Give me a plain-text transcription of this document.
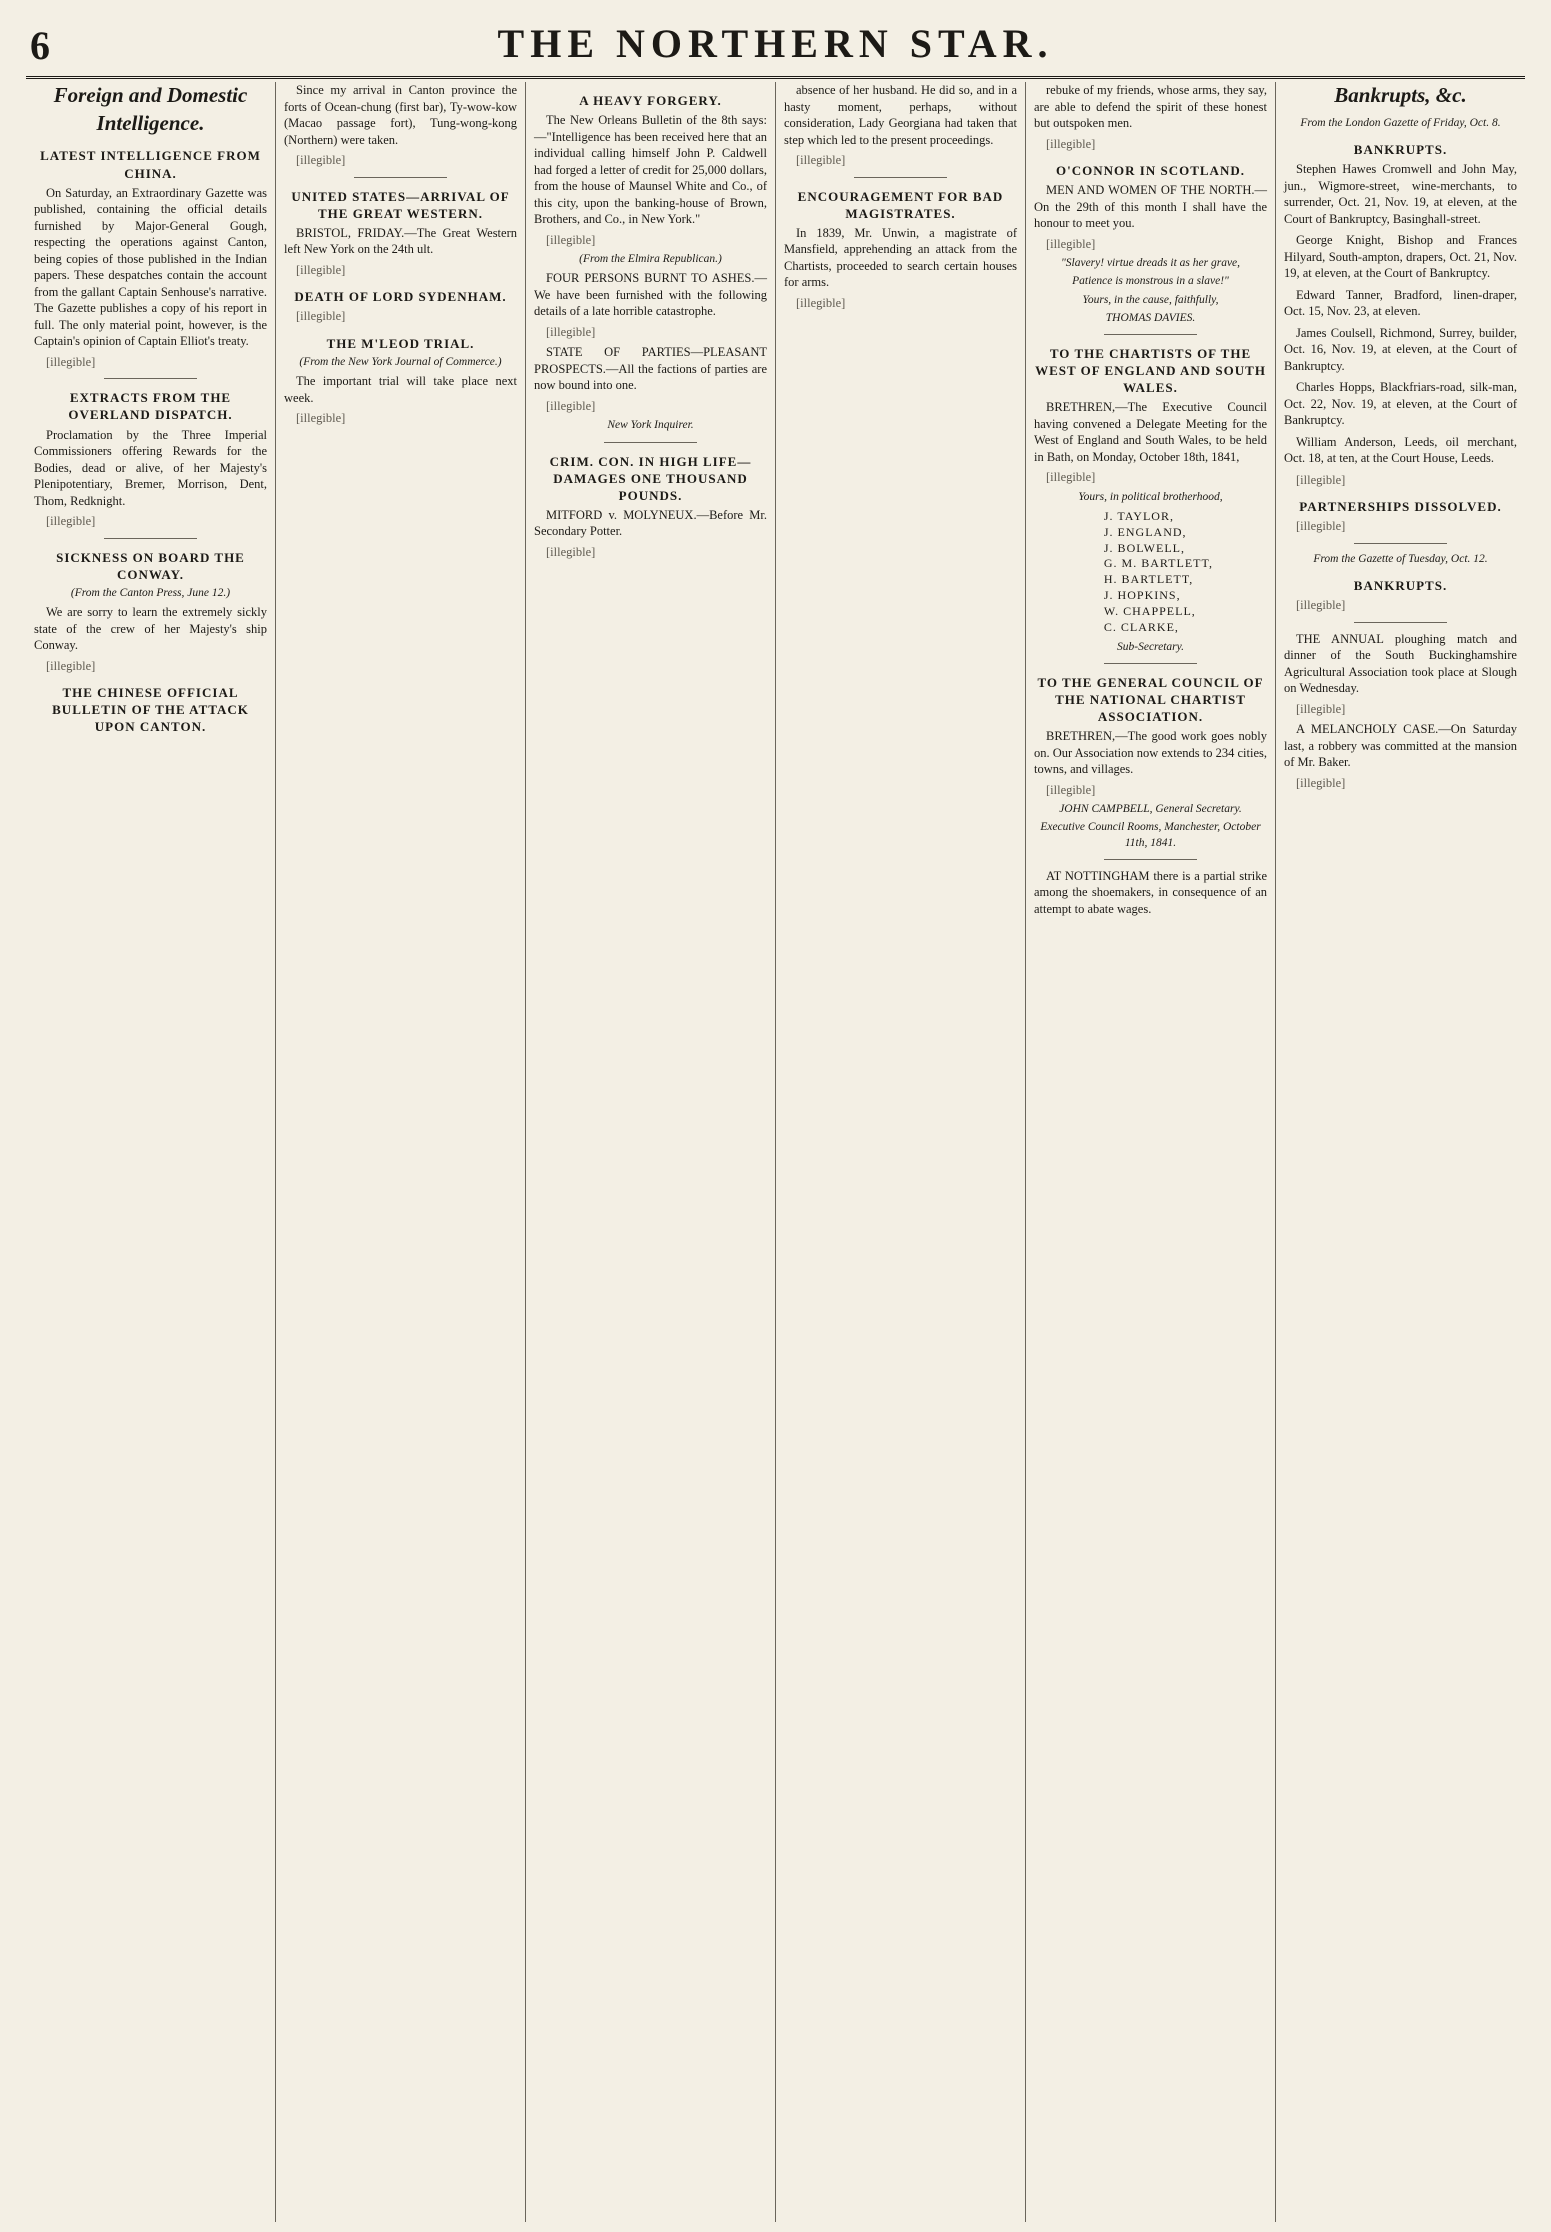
6	THE NORTHERN STAR.
Foreign and Domestic Intelligence.
LATEST INTELLIGENCE FROM CHINA.

On Saturday, an Extraordinary Gazette was published, containing the official details furnished by Major-General Gough, respecting the operations against Canton, being copies of those published in the Indian papers. These despatches contain the account from the gallant Captain Senhouse's narrative. The Gazette publishes a copy of his report in full. The only material point, however, is the Captain's opinion of Captain Elliot's treaty.

[illegible]

EXTRACTS FROM THE OVERLAND DISPATCH.

Proclamation by the Three Imperial Commissioners offering Rewards for the Bodies, dead or alive, of her Majesty's Plenipotentiary, Bremer, Morrison, Dent, Thom, Redknight.

[illegible]

SICKNESS ON BOARD THE CONWAY.
(From the Canton Press, June 12.)

We are sorry to learn the extremely sickly state of the crew of her Majesty's ship Conway.

[illegible]

THE CHINESE OFFICIAL BULLETIN OF THE ATTACK UPON CANTON.

Since my arrival in Canton province the forts of Ocean-chung (first bar), Ty-wow-kow (Macao passage fort), Tung-wong-kong (Northern) were taken.

[illegible]

UNITED STATES—ARRIVAL OF THE GREAT WESTERN.

BRISTOL, FRIDAY.—The Great Western left New York on the 24th ult.

[illegible]

DEATH OF LORD SYDENHAM.

[illegible]

THE M'LEOD TRIAL.
(From the New York Journal of Commerce.)

The important trial will take place next week.

[illegible]

A HEAVY FORGERY.

The New Orleans Bulletin of the 8th says:—"Intelligence has been received here that an individual calling himself John P. Caldwell had forged a letter of credit for 25,000 dollars, from the house of Maunsel White and Co., of this city, upon the banking-house of Brown, Brothers, and Co., in New York."

[illegible]

(From the Elmira Republican.)

FOUR PERSONS BURNT TO ASHES.—We have been furnished with the following details of a late horrible catastrophe.

[illegible]

STATE OF PARTIES—PLEASANT PROSPECTS.—All the factions of parties are now bound into one.

[illegible]

New York Inquirer.
CRIM. CON. IN HIGH LIFE—DAMAGES ONE THOUSAND POUNDS.

MITFORD v. MOLYNEUX.—Before Mr. Secondary Potter.

[illegible]

absence of her husband. He did so, and in a hasty moment, perhaps, without consideration, Lady Georgiana had taken that step which led to the present proceedings.

[illegible]

ENCOURAGEMENT FOR BAD MAGISTRATES.

In 1839, Mr. Unwin, a magistrate of Mansfield, apprehending an attack from the Chartists, proceeded to search certain houses for arms.

[illegible]

rebuke of my friends, whose arms, they say, are able to defend the spirit of these honest but outspoken men.

[illegible]

O'CONNOR IN SCOTLAND.

MEN AND WOMEN OF THE NORTH.—On the 29th of this month I shall have the honour to meet you.

[illegible]

"Slavery! virtue dreads it as her grave,
Patience is monstrous in a slave!"
Yours, in the cause, faithfully,
THOMAS DAVIES.
TO THE CHARTISTS OF THE WEST OF ENGLAND AND SOUTH WALES.

BRETHREN,—The Executive Council having convened a Delegate Meeting for the West of England and South Wales, to be held in Bath, on Monday, October 18th, 1841,

[illegible]

Yours, in political brotherhood,
J. TAYLOR,
J. ENGLAND,
J. BOLWELL,
G. M. BARTLETT,
H. BARTLETT,
J. HOPKINS,
W. CHAPPELL,
C. CLARKE,
Sub-Secretary.
TO THE GENERAL COUNCIL OF THE NATIONAL CHARTIST ASSOCIATION.

BRETHREN,—The good work goes nobly on. Our Association now extends to 234 cities, towns, and villages.

[illegible]

JOHN CAMPBELL, General Secretary.
Executive Council Rooms, Manchester, October 11th, 1841.

AT NOTTINGHAM there is a partial strike among the shoemakers, in consequence of an attempt to abate wages.

Bankrupts, &c.
From the London Gazette of Friday, Oct. 8.
BANKRUPTS.
Stephen Hawes Cromwell and John May, jun., Wigmore-street, wine-merchants, to surrender, Oct. 21, Nov. 19, at eleven, at the Court of Bankruptcy, Basinghall-street.
George Knight, Bishop and Frances Hilyard, South-ampton, drapers, Oct. 21, Nov. 19, at eleven, at the Court of Bankruptcy.
Edward Tanner, Bradford, linen-draper, Oct. 15, Nov. 23, at eleven.
James Coulsell, Richmond, Surrey, builder, Oct. 16, Nov. 19, at eleven, at the Court of Bankruptcy.
Charles Hopps, Blackfriars-road, silk-man, Oct. 22, Nov. 19, at eleven, at the Court of Bankruptcy.
William Anderson, Leeds, oil merchant, Oct. 18, at ten, at the Court House, Leeds.

[illegible]

PARTNERSHIPS DISSOLVED.

[illegible]

From the Gazette of Tuesday, Oct. 12.
BANKRUPTS.

[illegible]

THE ANNUAL ploughing match and dinner of the South Buckinghamshire Agricultural Association took place at Slough on Wednesday.

[illegible]

A MELANCHOLY CASE.—On Saturday last, a robbery was committed at the mansion of Mr. Baker.

[illegible]
